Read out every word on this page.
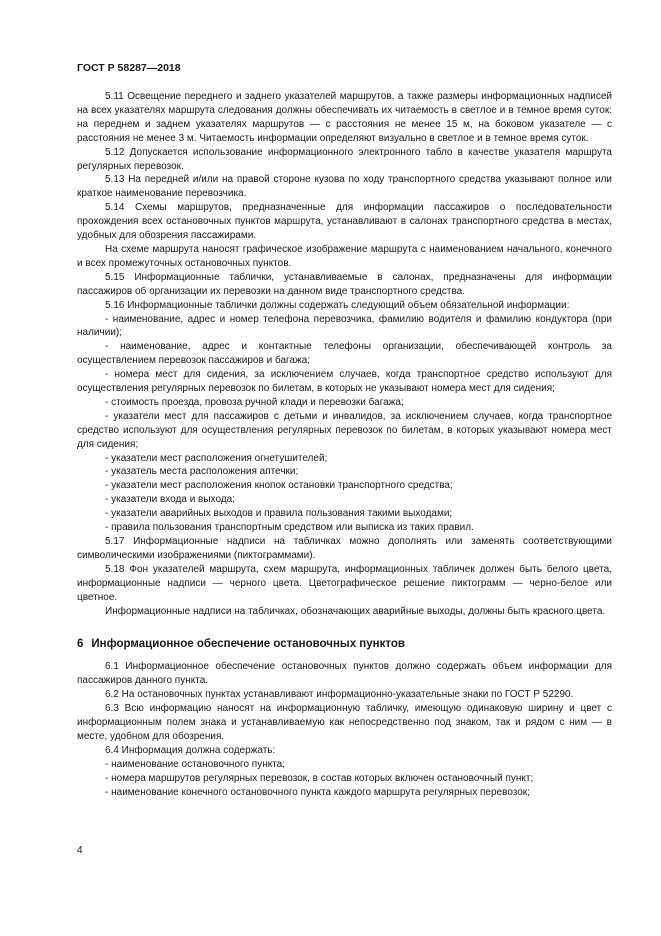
ГОСТ Р 58287—2018

5.11 Освещение переднего и заднего указателей маршрутов, а также размеры информационных надписей на всех указателях маршрута следования должны обеспечивать их читаемость в светлое и в темное время суток: на переднем и заднем указателях маршрутов — с расстояния не менее 15 м, на боковом указателе — с расстояния не менее 3 м. Читаемость информации определяют визуально в светлое и в темное время суток.

5.12 Допускается использование информационного электронного табло в качестве указателя маршрута регулярных перевозок.

5.13 На передней и/или на правой стороне кузова по ходу транспортного средства указывают полное или краткое наименование перевозчика.

5.14 Схемы маршрутов, предназначенные для информации пассажиров о последовательности прохождения всех остановочных пунктов маршрута, устанавливают в салонах транспортного средства в местах, удобных для обозрения пассажирами.

На схеме маршрута наносят графическое изображение маршрута с наименованием начального, конечного и всех промежуточных остановочных пунктов.

5.15 Информационные таблички, устанавливаемые в салонах, предназначены для информации пассажиров об организации их перевозки на данном виде транспортного средства.

5.16 Информационные таблички должны содержать следующий объем обязательной информации:

- наименование, адрес и номер телефона перевозчика, фамилию водителя и фамилию кондуктора (при наличии);

- наименование, адрес и контактные телефоны организации, обеспечивающей контроль за осуществлением перевозок пассажиров и багажа;

- номера мест для сидения, за исключением случаев, когда транспортное средство используют для осуществления регулярных перевозок по билетам, в которых не указывают номера мест для сидения;

- стоимость проезда, провоза ручной клади и перевозки багажа;

- указатели мест для пассажиров с детьми и инвалидов, за исключением случаев, когда транспортное средство используют для осуществления регулярных перевозок по билетам, в которых указывают номера мест для сидения;

- указатели мест расположения огнетушителей;

- указатель места расположения аптечки;

- указатели мест расположения кнопок остановки транспортного средства;

- указатели входа и выхода;

- указатели аварийных выходов и правила пользования такими выходами;

- правила пользования транспортным средством или выписка из таких правил.

5.17 Информационные надписи на табличках можно дополнять или заменять соответствующими символическими изображениями (пиктограммами).

5.18 Фон указателей маршрута, схем маршрута, информационных табличек должен быть белого цвета, информационные надписи — черного цвета. Цветографическое решение пиктограмм — черно-белое или цветное.

Информационные надписи на табличках, обозначающих аварийные выходы, должны быть красного цвета.

6 Информационное обеспечение остановочных пунктов

6.1 Информационное обеспечение остановочных пунктов должно содержать объем информации для пассажиров данного пункта.

6.2 На остановочных пунктах устанавливают информационно-указательные знаки по ГОСТ Р 52290.

6.3 Всю информацию наносят на информационную табличку, имеющую одинаковую ширину и цвет с информационным полем знака и устанавливаемую как непосредственно под знаком, так и рядом с ним — в месте, удобном для обозрения.

6.4 Информация должна содержать:

- наименование остановочного пункта;

- номера маршрутов регулярных перевозок, в состав которых включен остановочный пункт;

- наименование конечного остановочного пункта каждого маршрута регулярных перевозок;

4
